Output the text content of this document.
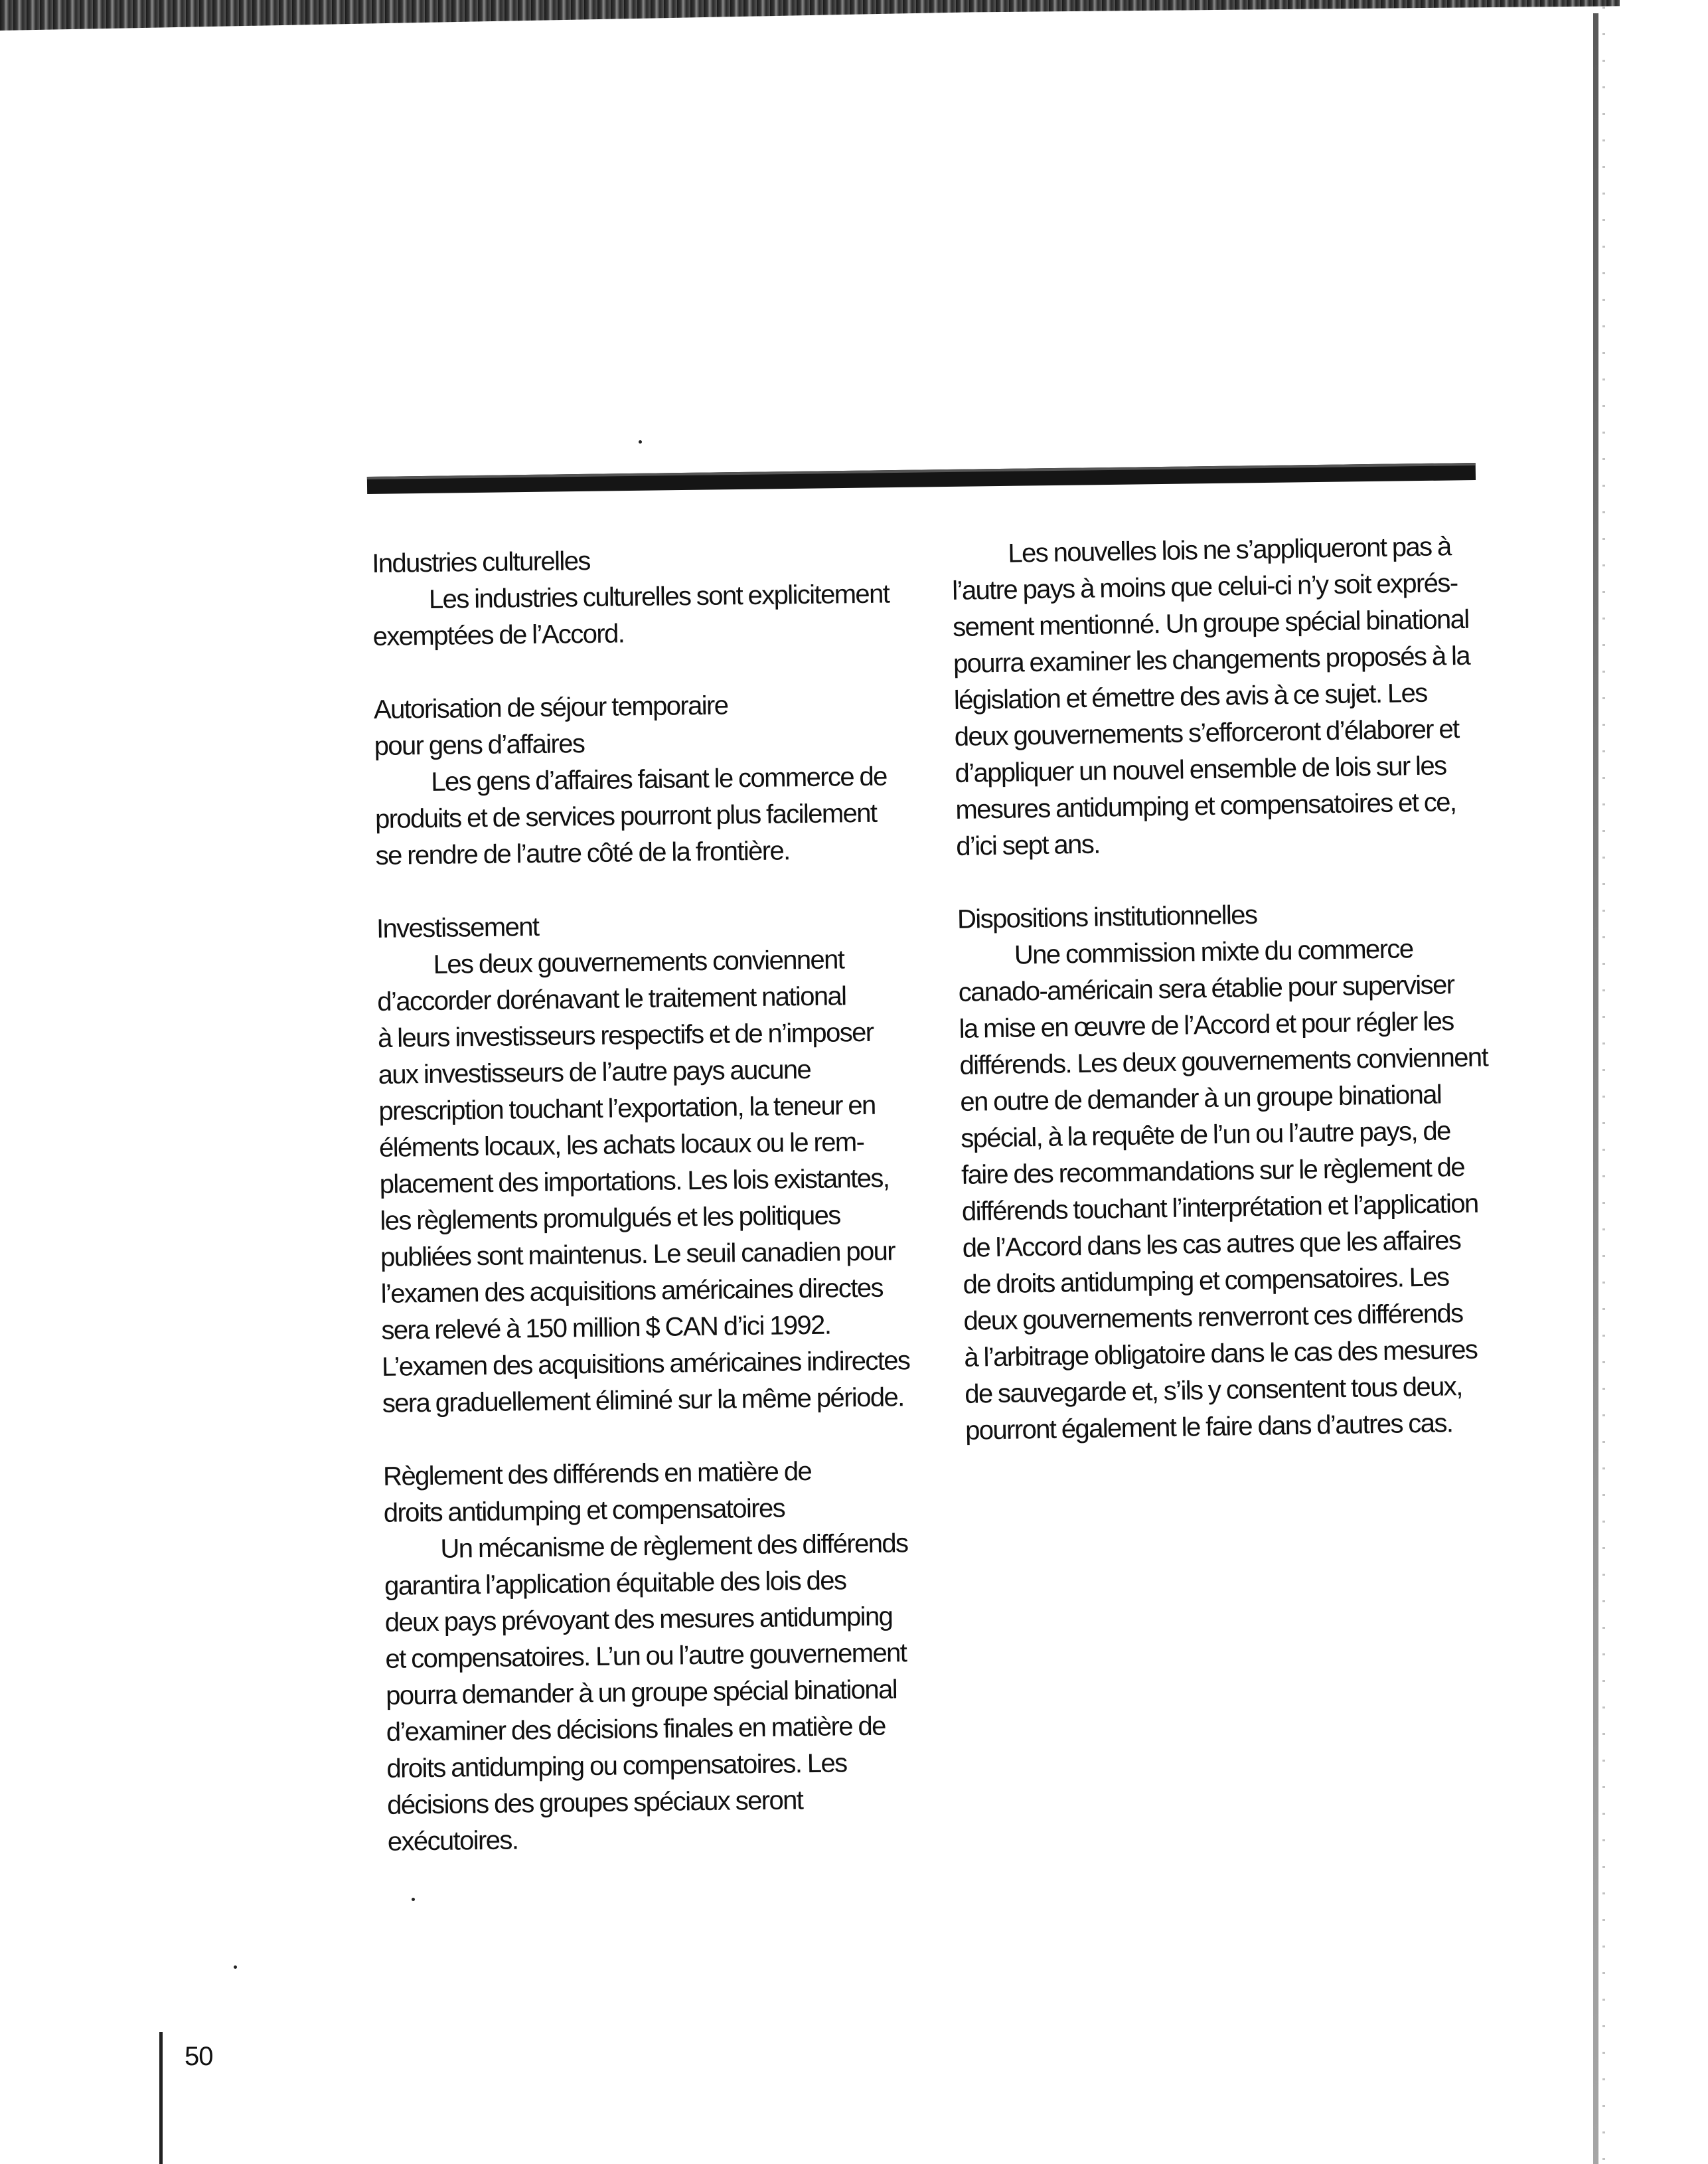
Industries culturelles

Les industries culturelles sont explicitement
exemptées de l’Accord.

Autorisation de séjour temporaire
pour gens d’affaires

Les gens d’affaires faisant le commerce de
produits et de services pourront plus facilement
se rendre de l’autre côté de la frontière.

Investissement

Les deux gouvernements conviennent
d’accorder dorénavant le traitement national
à leurs investisseurs respectifs et de n’imposer
aux investisseurs de l’autre pays aucune
prescription touchant l’exportation, la teneur en
éléments locaux, les achats locaux ou le rem-
placement des importations. Les lois existantes,
les règlements promulgués et les politiques
publiées sont maintenus. Le seuil canadien pour
l’examen des acquisitions américaines directes
sera relevé à 150 million $ CAN d’ici 1992.
L’examen des acquisitions américaines indirectes
sera graduellement éliminé sur la même période.

Règlement des différends en matière de
droits antidumping et compensatoires

Un mécanisme de règlement des différends
garantira l’application équitable des lois des
deux pays prévoyant des mesures antidumping
et compensatoires. L’un ou l’autre gouvernement
pourra demander à un groupe spécial binational
d’examiner des décisions finales en matière de
droits antidumping ou compensatoires. Les
décisions des groupes spéciaux seront
exécutoires.

Les nouvelles lois ne s’appliqueront pas à
l’autre pays à moins que celui-ci n’y soit exprés-
sement mentionné. Un groupe spécial binational
pourra examiner les changements proposés à la
législation et émettre des avis à ce sujet. Les
deux gouvernements s’efforceront d’élaborer et
d’appliquer un nouvel ensemble de lois sur les
mesures antidumping et compensatoires et ce,
d’ici sept ans.

Dispositions institutionnelles

Une commission mixte du commerce
canado-américain sera établie pour superviser
la mise en œuvre de l’Accord et pour régler les
différends. Les deux gouvernements conviennent
en outre de demander à un groupe binational
spécial, à la requête de l’un ou l’autre pays, de
faire des recommandations sur le règlement de
différends touchant l’interprétation et l’application
de l’Accord dans les cas autres que les affaires
de droits antidumping et compensatoires. Les
deux gouvernements renverront ces différends
à l’arbitrage obligatoire dans le cas des mesures
de sauvegarde et, s’ils y consentent tous deux,
pourront également le faire dans d’autres cas.

50
